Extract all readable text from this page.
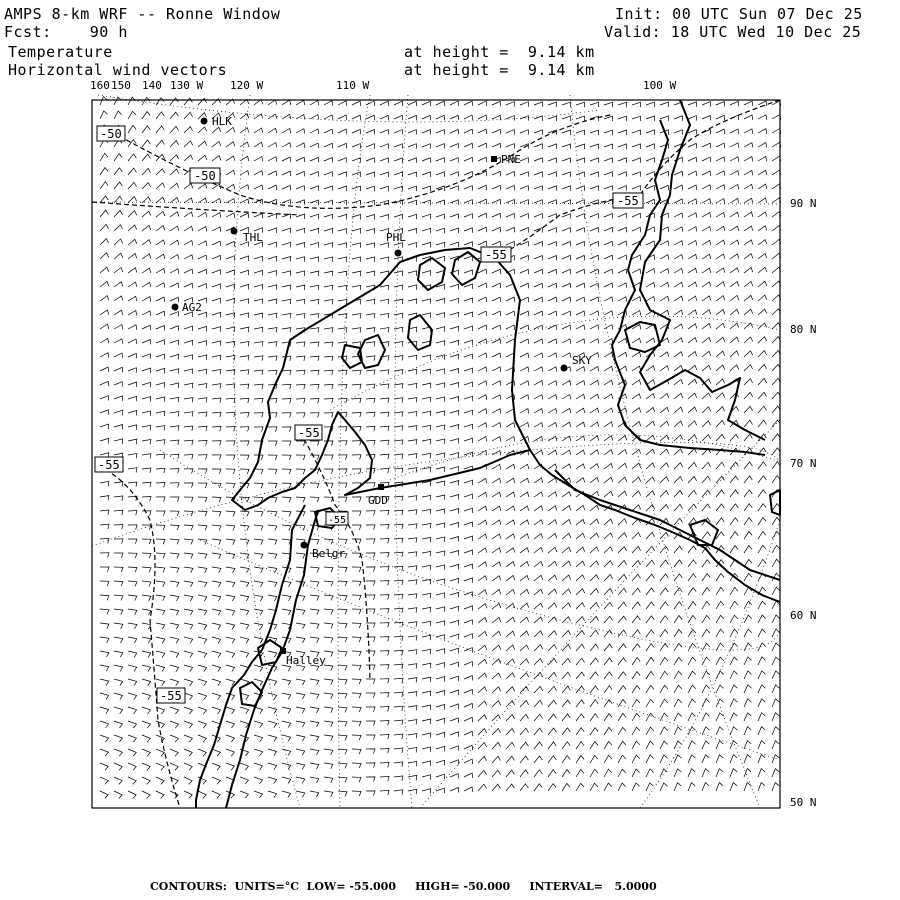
AMPS 8-km WRF -- Ronne Window
Fcst:    90 h
Temperature
Horizontal wind vectors
at height =  9.14 km
at height =  9.14 km
Init: 00 UTC Sun 07 Dec 25
Valid: 18 UTC Wed 10 Dec 25
160 150 140 130 W 120 W	110 W	100 W
90 N
80 N
70 N
60 N
50 N
-50
-50
-55
-55
-55
-55
-55
-55
HLK
PNE
THL	PHL
AG2
SKY
GDD
Belgr
Halley
CONTOURS:  UNITS=°C  LOW= -55.000     HIGH= -50.000     INTERVAL=   5.0000
